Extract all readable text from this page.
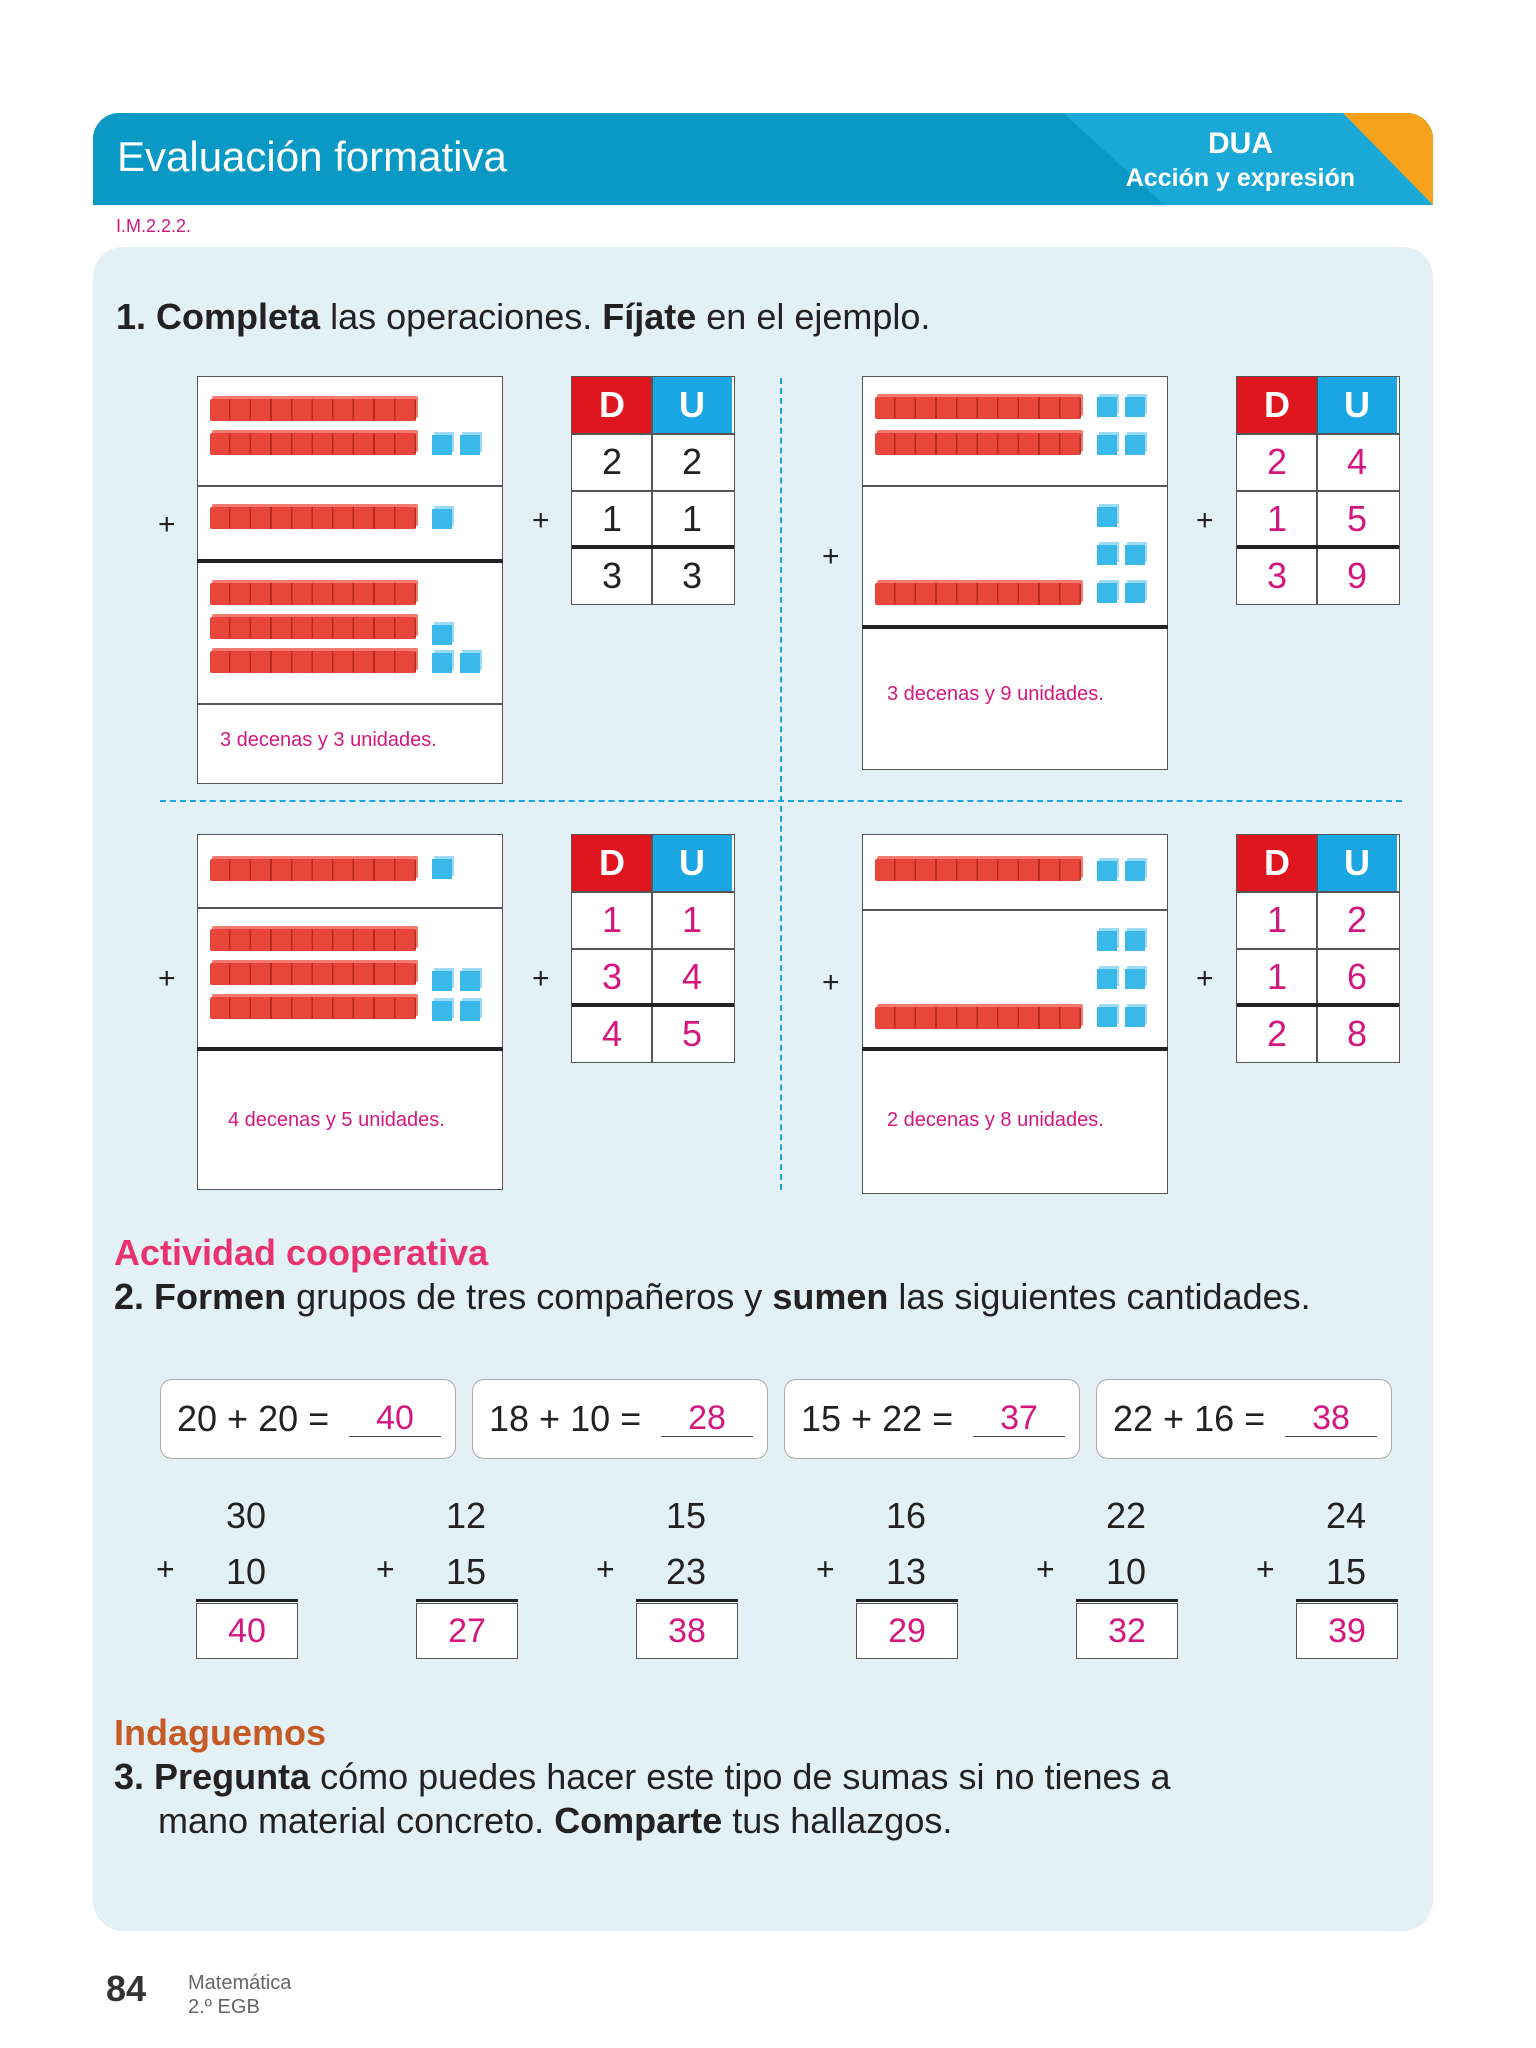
Evaluación formativa	DUA
Acción y expresión
I.M.2.2.2.
1. Completa las operaciones. Fíjate en el ejemplo.
3 decenas y 3 unidades.
+	+
D	U
2	2
1	1
3	3
3 decenas y 9 unidades.
+
+
D	U
2	4
1	5
3	9
4 decenas y 5 unidades.
+	+
D	U
1	1
3	4
4	5
2 decenas y 8 unidades.
+	+
D	U
1	2
1	6
2	8
Actividad cooperativa
2. Formen grupos de tres compañeros y sumen las siguientes cantidades.
20 + 20 =	40	18 + 10 =	28	15 + 22 =	37	22 + 16 =	38
30
+ 10
40
12
+ 15
27
15
+ 23
38
16
+ 13
29
22
+ 10
32
24
+ 15
39
Indaguemos
3. Pregunta cómo puedes hacer este tipo de sumas si no tienes a
mano material concreto. Comparte tus hallazgos.
84 Matemática
2.º EGB
